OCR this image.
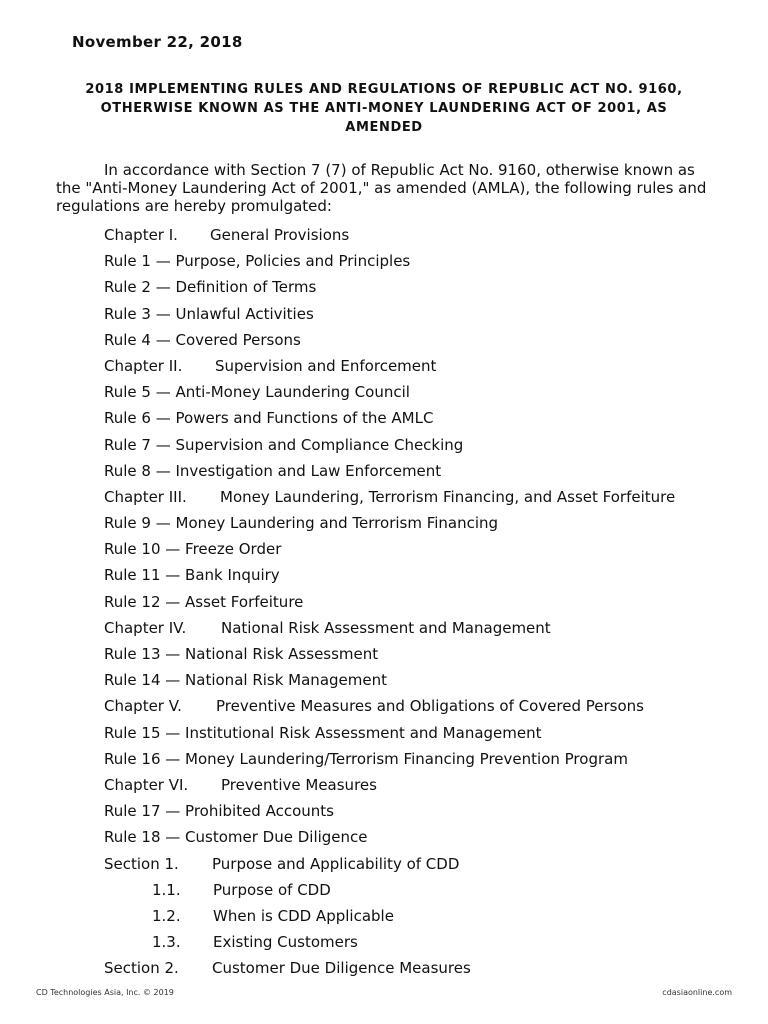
November 22, 2018
2018 IMPLEMENTING RULES AND REGULATIONS OF REPUBLIC ACT NO. 9160,
OTHERWISE KNOWN AS THE ANTI-MONEY LAUNDERING ACT OF 2001, AS
AMENDED
In accordance with Section 7 (7) of Republic Act No. 9160, otherwise known as
the "Anti-Money Laundering Act of 2001," as amended (AMLA), the following rules and
regulations are hereby promulgated:
Chapter I. General Provisions
Rule 1 — Purpose, Policies and Principles
Rule 2 — Definition of Terms
Rule 3 — Unlawful Activities
Rule 4 — Covered Persons
Chapter II. Supervision and Enforcement
Rule 5 — Anti-Money Laundering Council
Rule 6 — Powers and Functions of the AMLC
Rule 7 — Supervision and Compliance Checking
Rule 8 — Investigation and Law Enforcement
Chapter III. Money Laundering, Terrorism Financing, and Asset Forfeiture
Rule 9 — Money Laundering and Terrorism Financing
Rule 10 — Freeze Order
Rule 11 — Bank Inquiry
Rule 12 — Asset Forfeiture
Chapter IV. National Risk Assessment and Management
Rule 13 — National Risk Assessment
Rule 14 — National Risk Management
Chapter V. Preventive Measures and Obligations of Covered Persons
Rule 15 — Institutional Risk Assessment and Management
Rule 16 — Money Laundering/Terrorism Financing Prevention Program
Chapter VI. Preventive Measures
Rule 17 — Prohibited Accounts
Rule 18 — Customer Due Diligence
Section 1. Purpose and Applicability of CDD
1.1. Purpose of CDD
1.2. When is CDD Applicable
1.3. Existing Customers
Section 2. Customer Due Diligence Measures
CD Technologies Asia, Inc. © 2019	cdasiaonline.com
